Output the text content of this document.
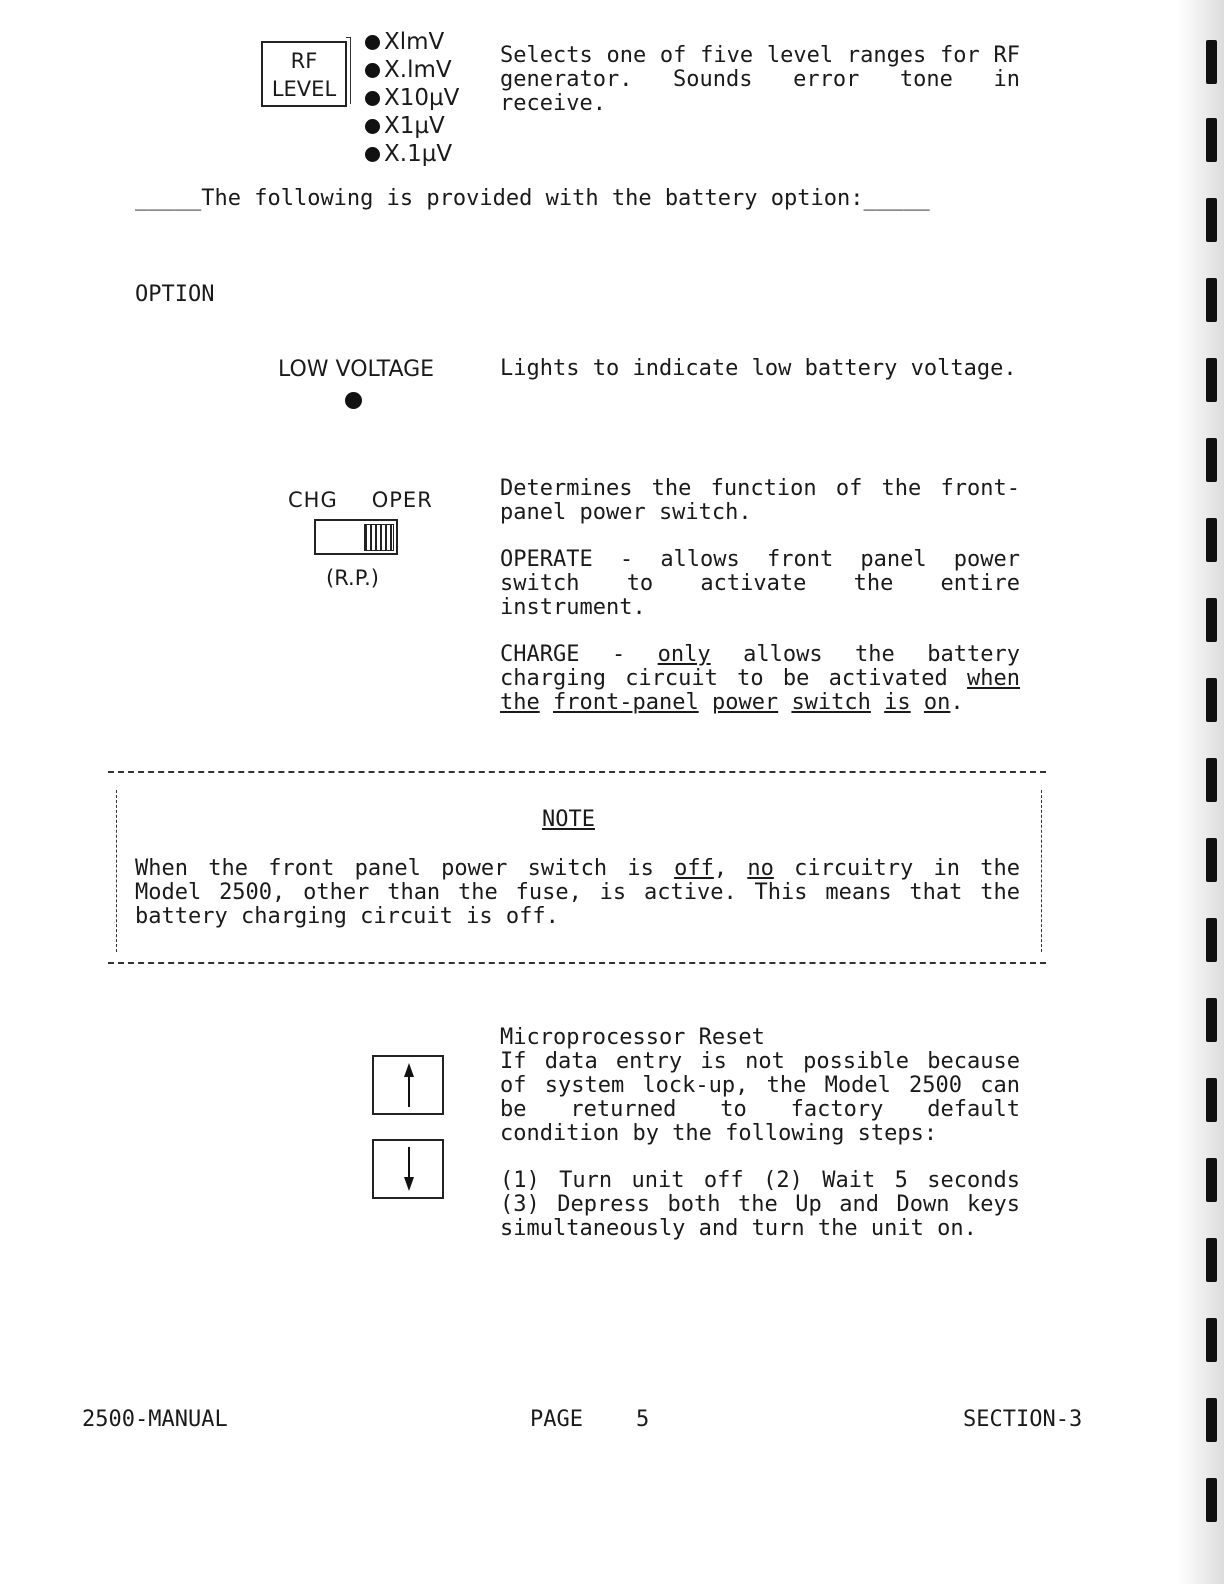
RF
LEVEL
XlmV
X.lmV
X10µV
X1µV
X.1µV

Selects one of five level ranges for RF generator. Sounds error tone in receive.

_____The following is provided with the battery option:_____
OPTION
LOW VOLTAGE	Lights to indicate low battery voltage.

CHG OPER
(R.P.)

Determines the function of the front-panel power switch.

OPERATE - allows front panel power switch to activate the entire instrument.

CHARGE - only allows the battery charging circuit to be activated when the front-panel power switch is on.

NOTE

When the front panel power switch is off, no circuitry in the Model 2500, other than the fuse, is active. This means that the battery charging circuit is off.

Microprocessor Reset

If data entry is not possible because of system lock-up, the Model 2500 can be returned to factory default condition by the following steps:

(1) Turn unit off (2) Wait 5 seconds (3) Depress both the Up and Down keys simultaneously and turn the unit on.

2500-MANUAL	PAGE 5	SECTION-3
